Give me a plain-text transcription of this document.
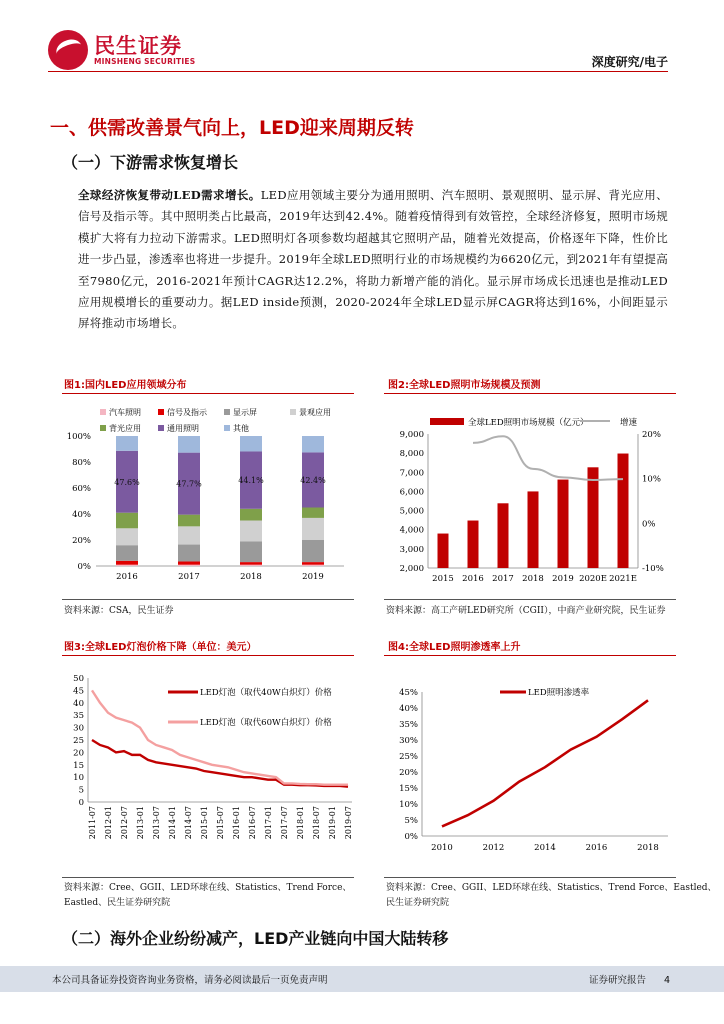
民生证券
MINSHENG SECURITIES	深度研究/电子
一、供需改善景气向上，LED迎来周期反转
（一）下游需求恢复增长
全球经济恢复带动LED需求增长。LED应用领域主要分为通用照明、汽车照明、景观照明、显示屏、背光应用、信号及指示等。其中照明类占比最高，2019年达到42.4%。随着疫情得到有效管控，全球经济修复，照明市场规模扩大将有力拉动下游需求。LED照明灯各项参数均超越其它照明产品，随着光效提高，价格逐年下降，性价比进一步凸显，渗透率也将进一步提升。2019年全球LED照明行业的市场规模约为6620亿元，到2021年有望提高至7980亿元，2016-2021年预计CAGR达12.2%，将助力新增产能的消化。显示屏市场成长迅速也是推动LED应用规模增长的重要动力。据LED inside预测，2020-2024年全球LED显示屏CAGR将达到16%，小间距显示屏将推动市场增长。
图1:国内LED应用领域分布	图2:全球LED照明市场规模及预测
汽车照明	信号及指示	显示屏	景观应用
背光应用	通用照明	其他
0%
20%
40%
60%
80%
100%
47.6%
2016
47.7%
2017
44.1%
2018
42.4%
2019
全球LED照明市场规模（亿元）	增速
2,000
3,000
4,000
5,000
6,000
7,000
8,000
9,000
-10%
0%
10%
20%
2015 2016 2017 2018 2019 2020E 2021E
资料来源：CSA，民生证券	资料来源：高工产研LED研究所（CGII），中商产业研究院，民生证券
图3:全球LED灯泡价格下降（单位：美元）	图4:全球LED照明渗透率上升
0
5
10
15
20
25
30
35
40
45
50
LED灯泡（取代40W白炽灯）价格
LED灯泡（取代60W白炽灯）价格
2011-07 2012-01 2012-07 2013-01 2013-07 2014-01 2014-07 2015-01 2015-07 2016-01 2016-07 2017-01 2017-07 2018-01 2018-07 2019-01 2019-07	0%
5%
10%
15%
20%
25%
30%
35%
40%
45%	LED照明渗透率
2010	2012	2014	2016	2018
资料来源：Cree、GGII、LED环球在线、Statistics、Trend Force、
Eastled、民生证券研究院
资料来源：Cree、GGII、LED环球在线、Statistics、Trend Force、Eastled、
民生证券研究院
（二）海外企业纷纷减产，LED产业链向中国大陆转移
本公司具备证券投资咨询业务资格，请务必阅读最后一页免责声明	证券研究报告 4
